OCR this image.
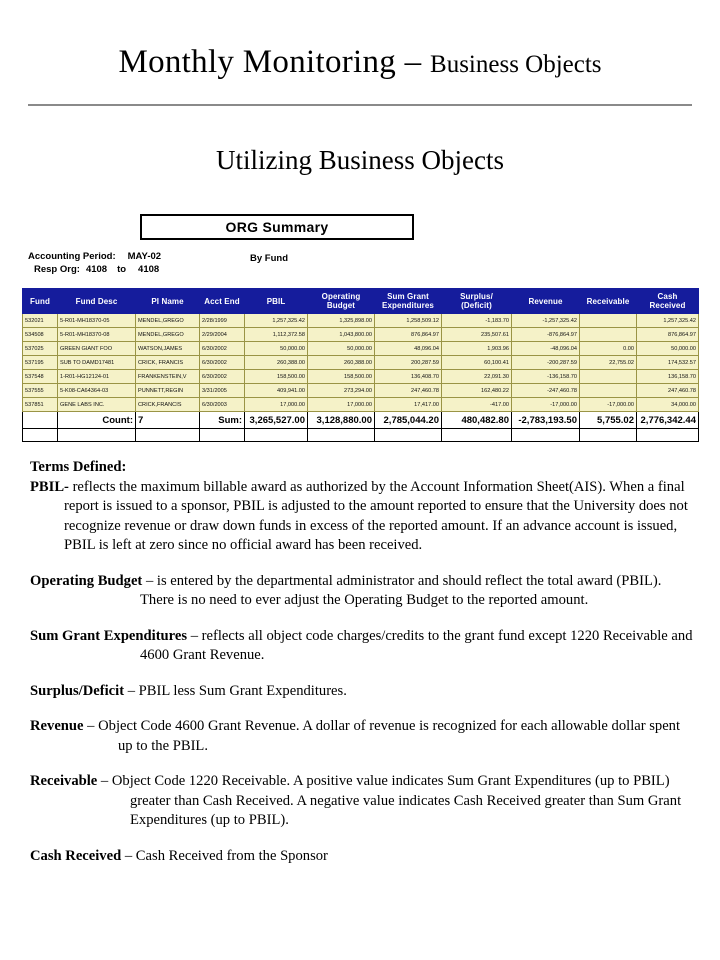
Monthly Monitoring – Business Objects
Utilizing Business Objects
ORG Summary
Accounting Period: MAY-02
Resp Org: 4108 to 4108
By Fund
Fund	Fund Desc	PI Name	Acct End	PBIL	Operating Budget	Sum Grant Expenditures	Surplus/ (Deficit)	Revenue	Receivable	Cash Received
532021	5-R01-MH18370-05	MENDEL,GREGO	2/28/1999	1,257,325.42	1,325,898.00	1,258,509.12	-1,183.70	-1,257,325.42		1,257,325.42
534508	5-R01-MH18370-08	MENDEL,GREGO	2/29/2004	1,112,372.58	1,043,800.00	876,864.97	235,507.61	-876,864.97		876,864.97
537025	GREEN GIANT FOO	WATSON,JAMES	6/30/2002	50,000.00	50,000.00	48,096.04	1,903.96	-48,096.04	0.00	50,000.00
537195	SUB TO DAMD17481	CRICK, FRANCIS	6/30/2002	260,388.00	260,388.00	200,287.59	60,100.41	-200,287.59	22,755.02	174,532.57
537548	1-R01-HG12124-01	FRANKENSTEIN,V	6/30/2002	158,500.00	158,500.00	136,408.70	22,091.30	-136,158.70		136,158.70
537555	5-K08-CA64364-03	PUNNETT,REGIN	3/31/2005	409,941.00	273,294.00	247,460.78	162,480.22	-247,460.78		247,460.78
537851	GENE LABS INC.	CRICK,FRANCIS	6/30/2003	17,000.00	17,000.00	17,417.00	-417.00	-17,000.00	-17,000.00	34,000.00
	Count:	7	Sum:	3,265,527.00	3,128,880.00	2,785,044.20	480,482.80	-2,783,193.50	5,755.02	2,776,342.44

Terms Defined:

PBIL- reflects the maximum billable award as authorized by the Account Information Sheet(AIS). When a final report is issued to a sponsor, PBIL is adjusted to the amount reported to ensure that the University does not recognize revenue or draw down funds in excess of the reported amount. If an advance account is issued, PBIL is left at zero since no official award has been received.

Operating Budget – is entered by the departmental administrator and should reflect the total award (PBIL). There is no need to ever adjust the Operating Budget to the reported amount.

Sum Grant Expenditures – reflects all object code charges/credits to the grant fund except 1220 Receivable and 4600 Grant Revenue.

Surplus/Deficit – PBIL less Sum Grant Expenditures.

Revenue – Object Code 4600 Grant Revenue. A dollar of revenue is recognized for each allowable dollar spent up to the PBIL.

Receivable – Object Code 1220 Receivable. A positive value indicates Sum Grant Expenditures (up to PBIL) greater than Cash Received. A negative value indicates Cash Received greater than Sum Grant Expenditures (up to PBIL).

Cash Received – Cash Received from the Sponsor
